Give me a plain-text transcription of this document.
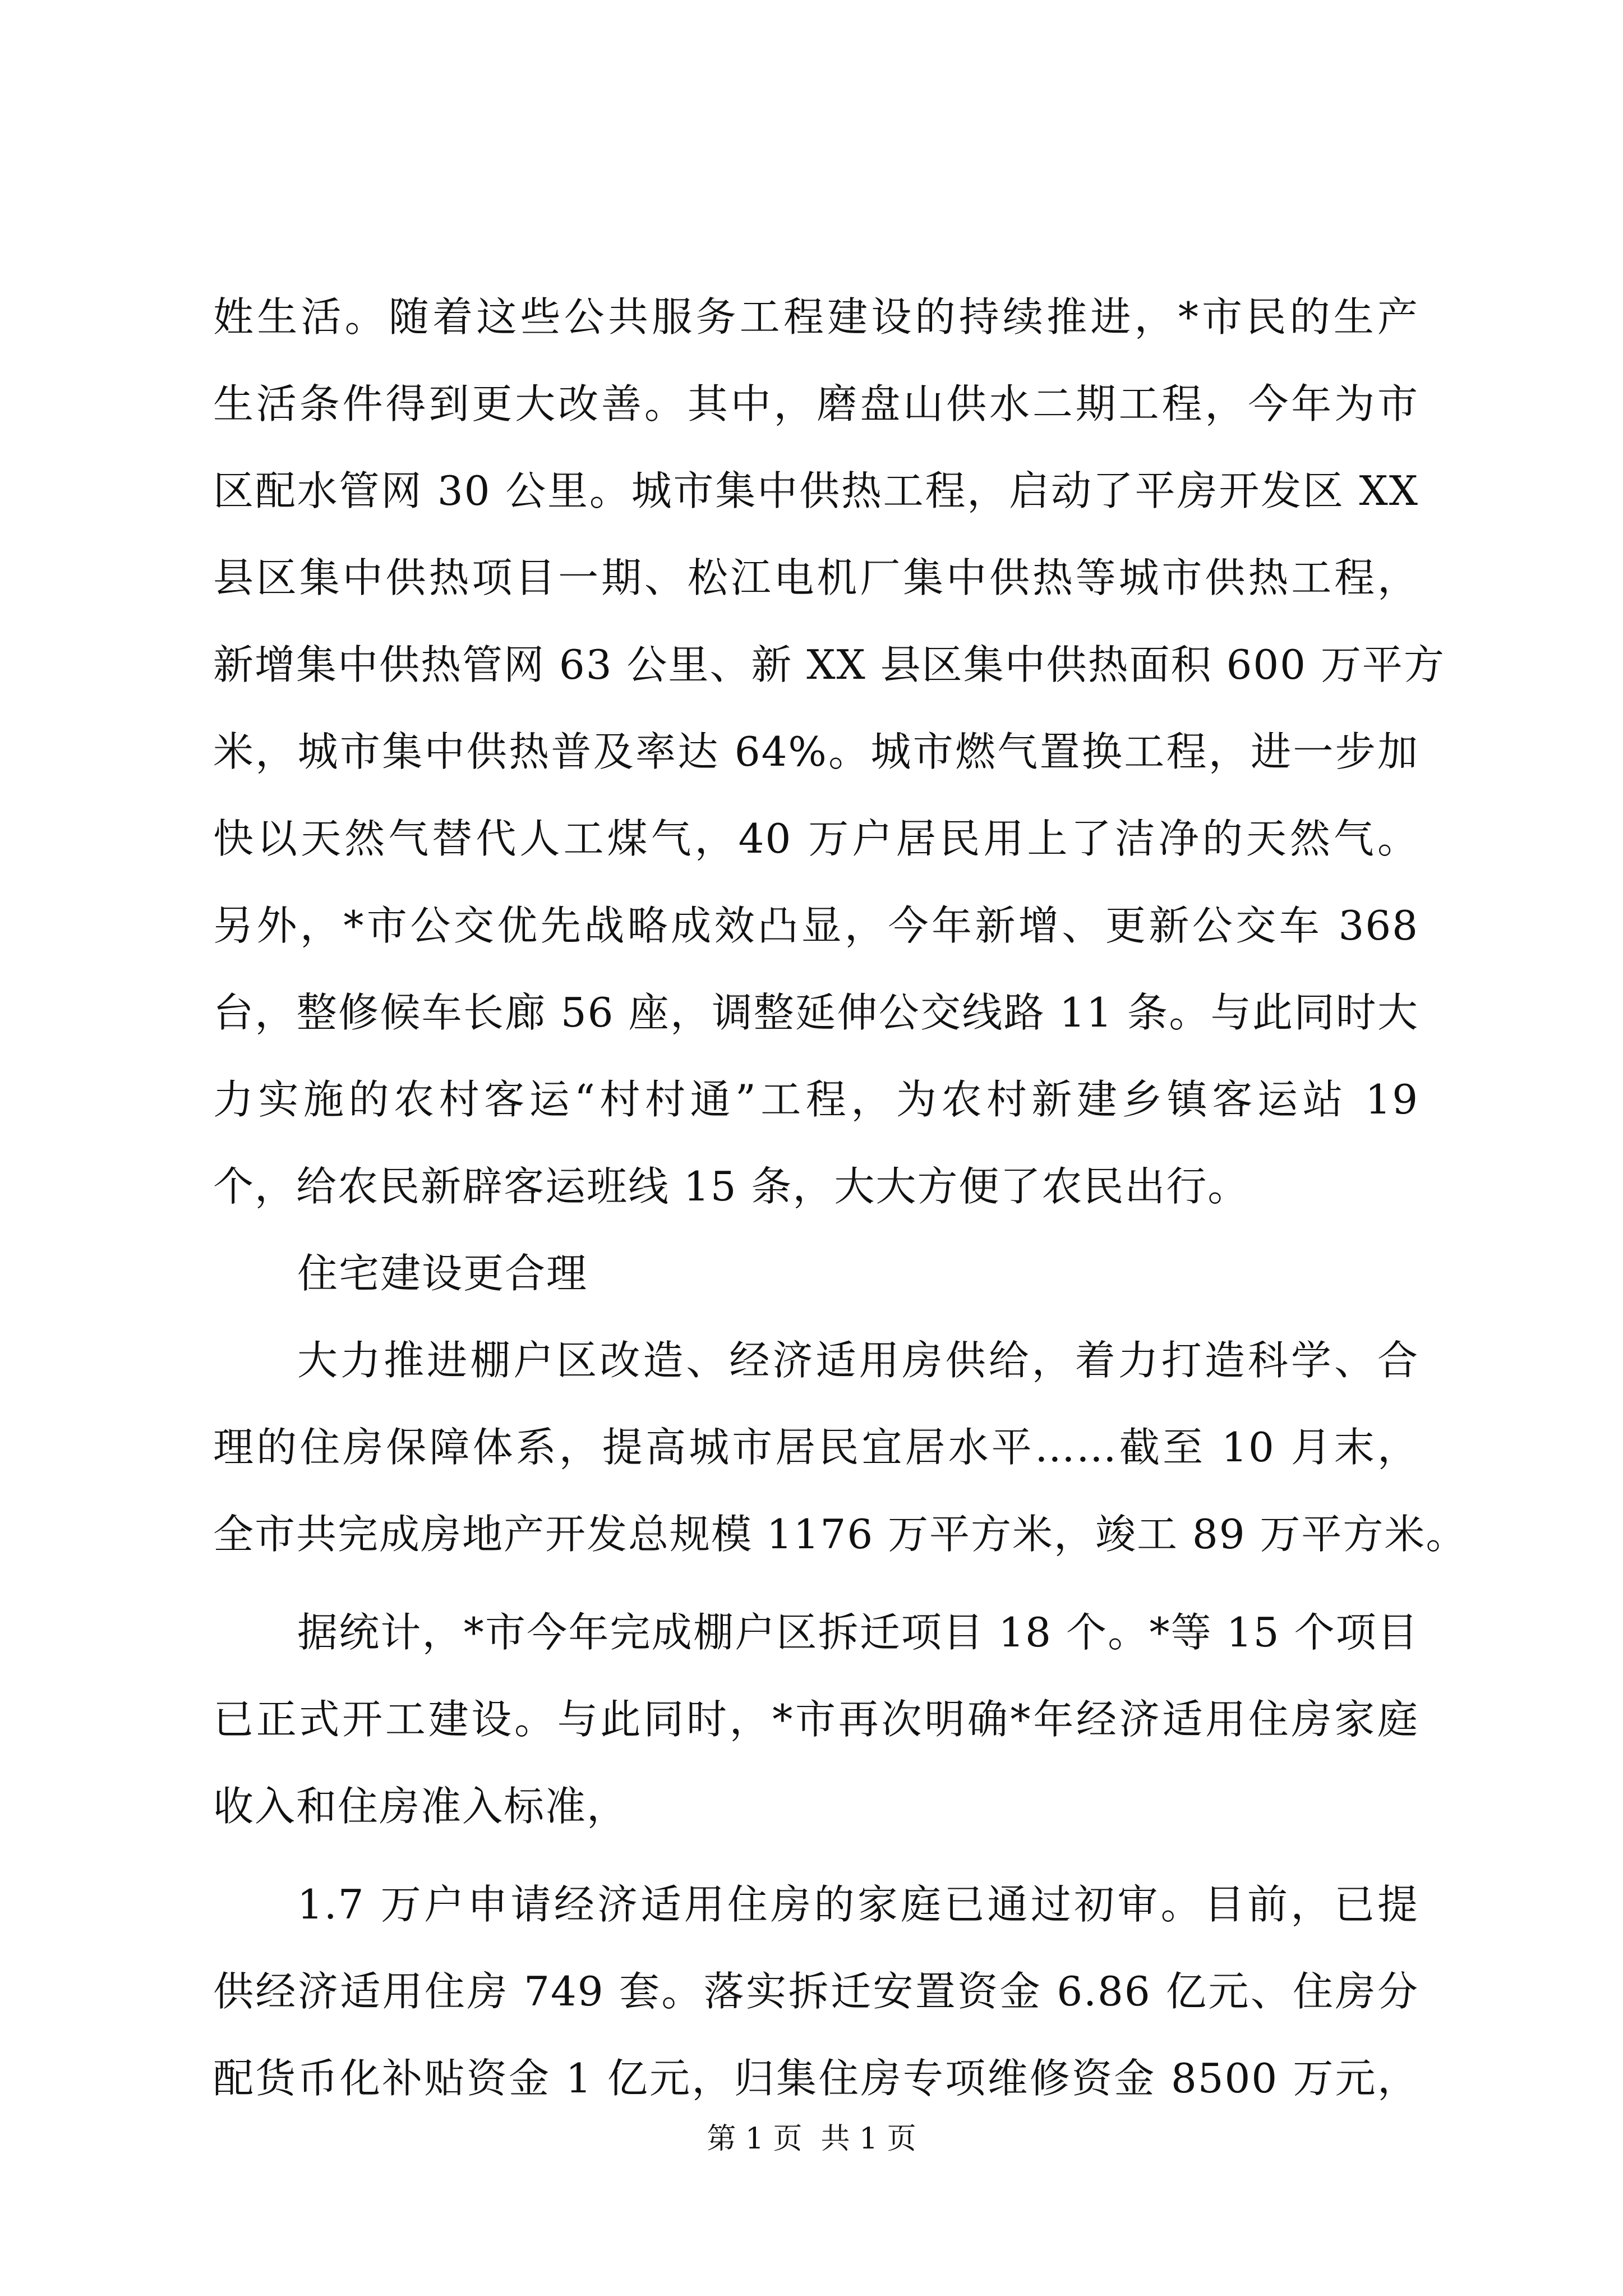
姓生活。随着这些公共服务工程建设的持续推进，*市民的生产
生活条件得到更大改善。其中，磨盘山供水二期工程，今年为市
区配水管网 30 公里。城市集中供热工程，启动了平房开发区 XX
县区集中供热项目一期、松江电机厂集中供热等城市供热工程，
新增集中供热管网 63 公里、新 XX 县区集中供热面积 600 万平方
米，城市集中供热普及率达 64%。城市燃气置换工程，进一步加
快以天然气替代人工煤气，40 万户居民用上了洁净的天然气。
另外，*市公交优先战略成效凸显，今年新增、更新公交车 368
台，整修候车长廊 56 座，调整延伸公交线路 11 条。与此同时大
力实施的农村客运“村村通”工程，为农村新建乡镇客运站 19
个，给农民新辟客运班线 15 条，大大方便了农民出行。
住宅建设更合理
大力推进棚户区改造、经济适用房供给，着力打造科学、合
理的住房保障体系，提高城市居民宜居水平……截至 10 月末，
全市共完成房地产开发总规模 1176 万平方米，竣工 89 万平方米。
据统计，*市今年完成棚户区拆迁项目 18 个。*等 15 个项目
已正式开工建设。与此同时，*市再次明确*年经济适用住房家庭
收入和住房准入标准，
1.7 万户申请经济适用住房的家庭已通过初审。目前，已提
供经济适用住房 749 套。落实拆迁安置资金 6.86 亿元、住房分
配货币化补贴资金 1 亿元，归集住房专项维修资金 8500 万元，
第 1 页  共 1 页
